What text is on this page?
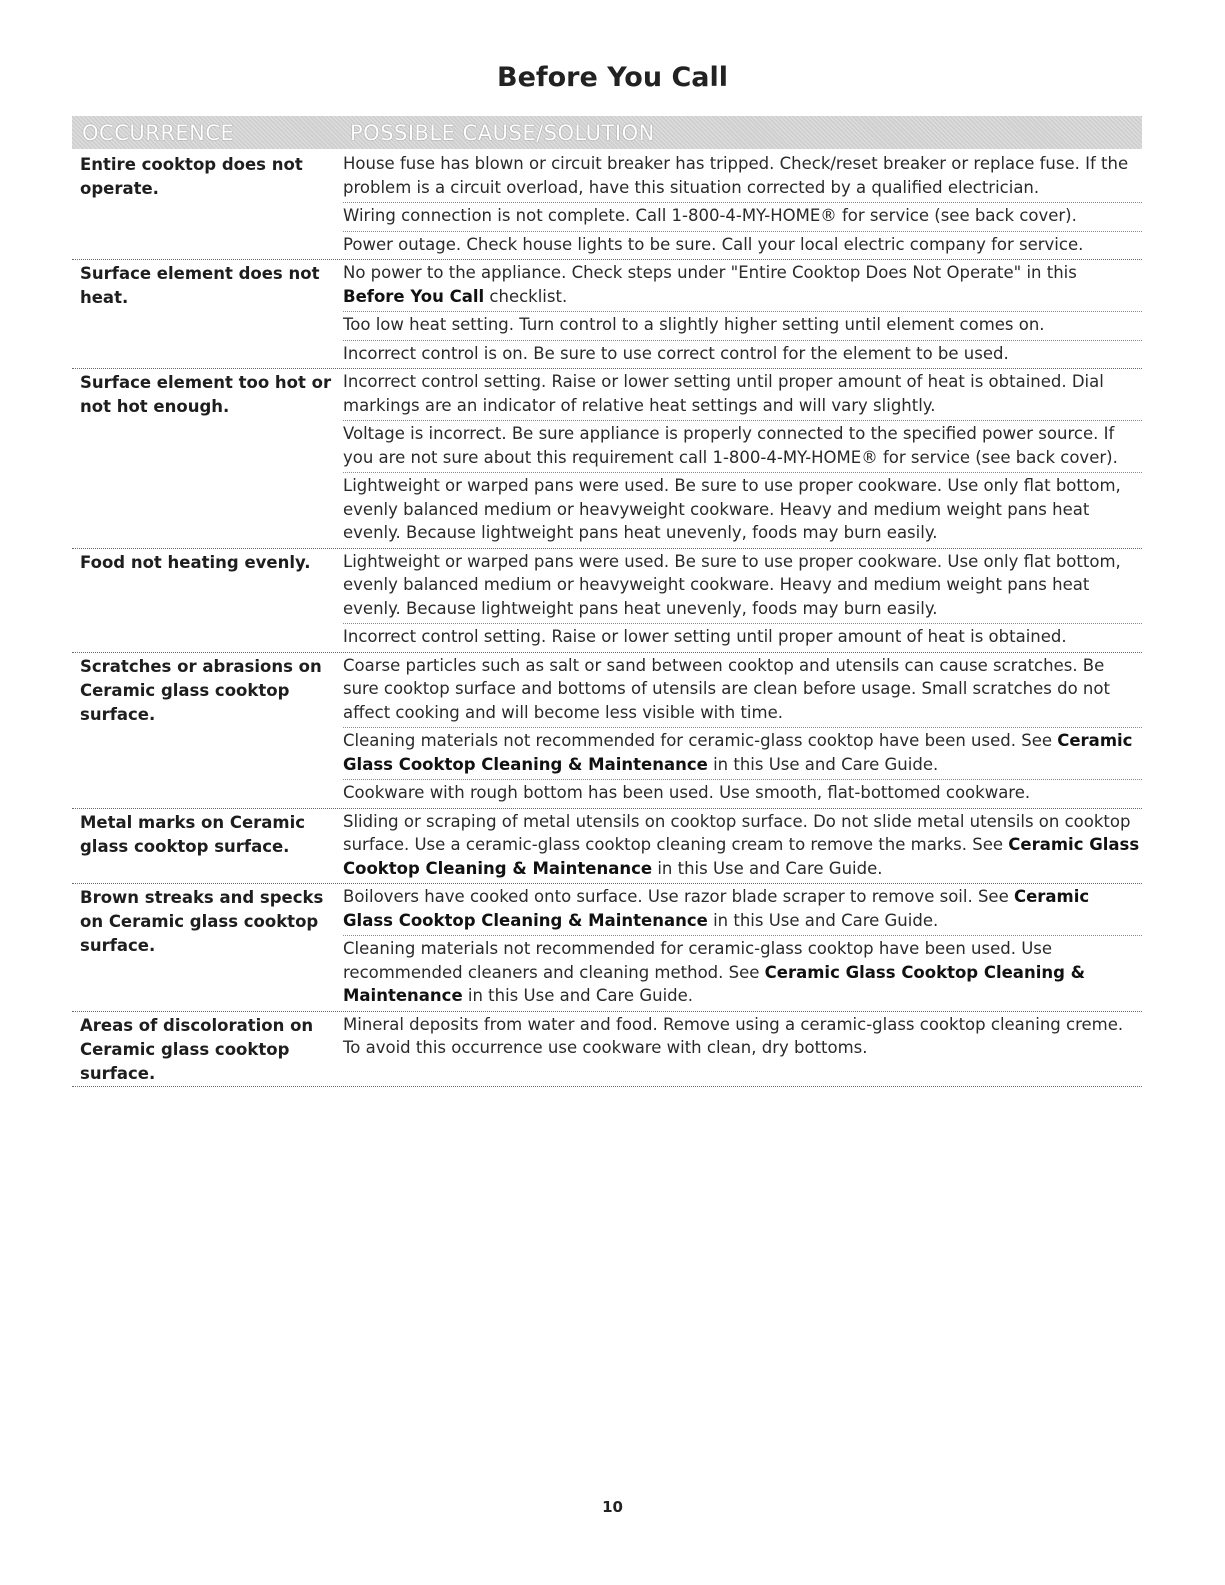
Before You Call
OCCURRENCE	POSSIBLE CAUSE/SOLUTION
Entire cooktop does not operate.
House fuse has blown or circuit breaker has tripped. Check/reset breaker or replace fuse. If the problem is a circuit overload, have this situation corrected by a qualified electrician.
Wiring connection is not complete. Call 1-800-4-MY-HOME® for service (see back cover).
Power outage. Check house lights to be sure. Call your local electric company for service.
Surface element does not heat.
No power to the appliance. Check steps under "Entire Cooktop Does Not Operate" in this Before You Call checklist.
Too low heat setting. Turn control to a slightly higher setting until element comes on.
Incorrect control is on. Be sure to use correct control for the element to be used.
Surface element too hot or not hot enough.
Incorrect control setting. Raise or lower setting until proper amount of heat is obtained. Dial markings are an indicator of relative heat settings and will vary slightly.
Voltage is incorrect. Be sure appliance is properly connected to the specified power source. If you are not sure about this requirement call 1-800-4-MY-HOME® for service (see back cover).
Lightweight or warped pans were used. Be sure to use proper cookware. Use only flat bottom, evenly balanced medium or heavyweight cookware. Heavy and medium weight pans heat evenly. Because lightweight pans heat unevenly, foods may burn easily.
Food not heating evenly.	Lightweight or warped pans were used. Be sure to use proper cookware. Use only flat bottom, evenly balanced medium or heavyweight cookware. Heavy and medium weight pans heat evenly. Because lightweight pans heat unevenly, foods may burn easily.
Incorrect control setting. Raise or lower setting until proper amount of heat is obtained.
Scratches or abrasions on Ceramic glass cooktop surface.
Coarse particles such as salt or sand between cooktop and utensils can cause scratches. Be sure cooktop surface and bottoms of utensils are clean before usage. Small scratches do not affect cooking and will become less visible with time.
Cleaning materials not recommended for ceramic-glass cooktop have been used. See Ceramic Glass Cooktop Cleaning & Maintenance in this Use and Care Guide.
Cookware with rough bottom has been used. Use smooth, flat-bottomed cookware.
Metal marks on Ceramic glass cooktop surface.
Sliding or scraping of metal utensils on cooktop surface. Do not slide metal utensils on cooktop surface. Use a ceramic-glass cooktop cleaning cream to remove the marks. See Ceramic Glass Cooktop Cleaning & Maintenance in this Use and Care Guide.
Brown streaks and specks on Ceramic glass cooktop surface.
Boilovers have cooked onto surface. Use razor blade scraper to remove soil. See Ceramic Glass Cooktop Cleaning & Maintenance in this Use and Care Guide.
Cleaning materials not recommended for ceramic-glass cooktop have been used. Use recommended cleaners and cleaning method. See Ceramic Glass Cooktop Cleaning & Maintenance in this Use and Care Guide.
Areas of discoloration on Ceramic glass cooktop surface.
Mineral deposits from water and food. Remove using a ceramic-glass cooktop cleaning creme. To avoid this occurrence use cookware with clean, dry bottoms.
10
